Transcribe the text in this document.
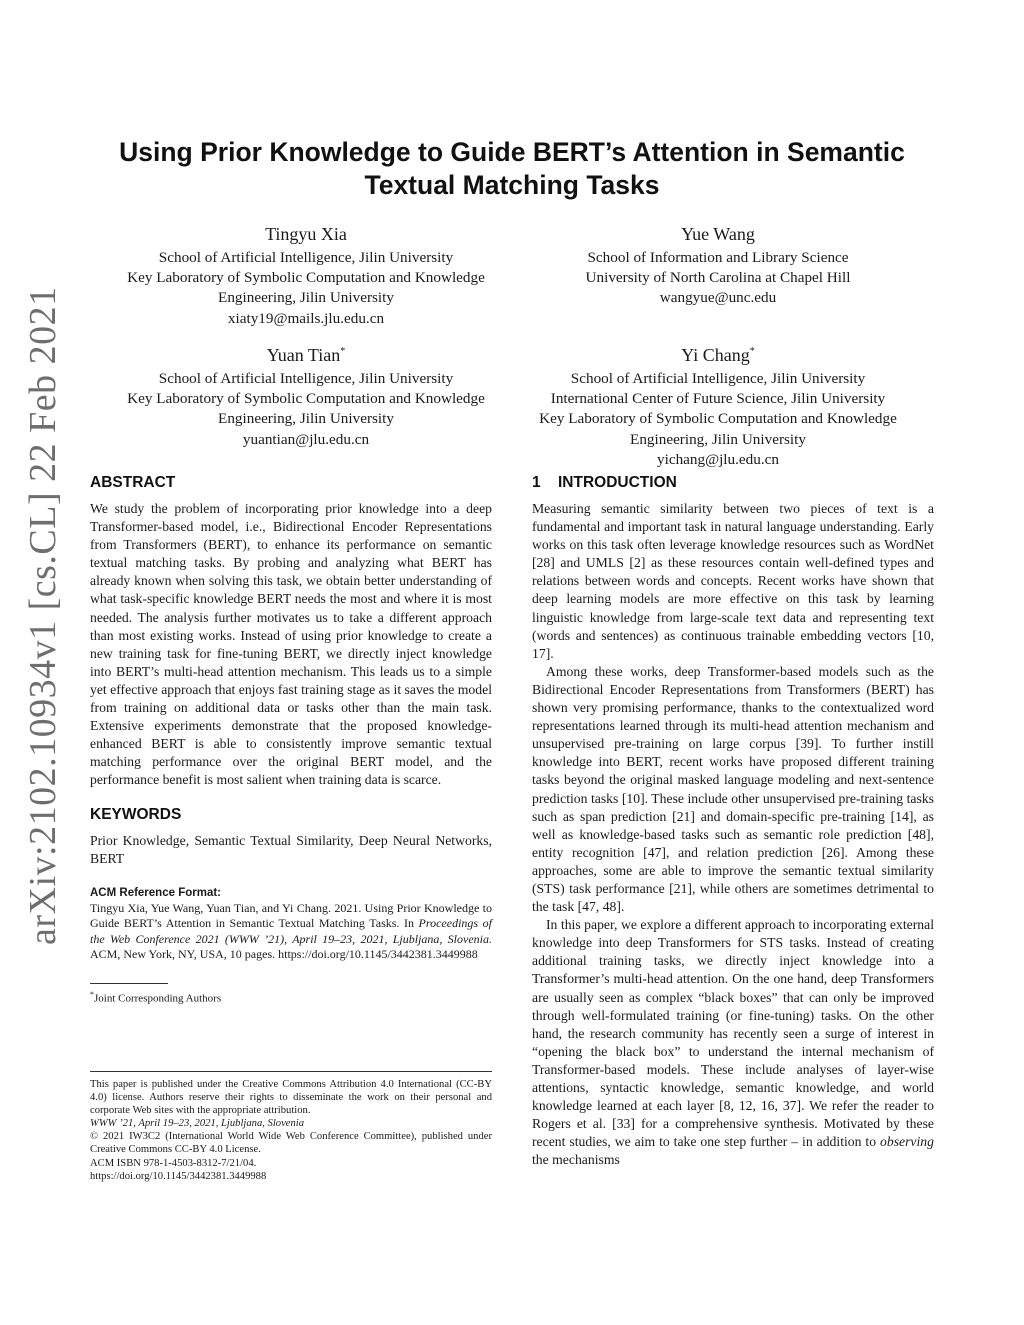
arXiv:2102.10934v1 [cs.CL] 22 Feb 2021
Using Prior Knowledge to Guide BERT’s Attention in Semantic
Textual Matching Tasks
Tingyu Xia
School of Artificial Intelligence, Jilin University
Key Laboratory of Symbolic Computation and Knowledge
Engineering, Jilin University
xiaty19@mails.jlu.edu.cn
Yue Wang
School of Information and Library Science
University of North Carolina at Chapel Hill
wangyue@unc.edu
Yuan Tian*
School of Artificial Intelligence, Jilin University
Key Laboratory of Symbolic Computation and Knowledge
Engineering, Jilin University
yuantian@jlu.edu.cn
Yi Chang*
School of Artificial Intelligence, Jilin University
International Center of Future Science, Jilin University
Key Laboratory of Symbolic Computation and Knowledge
Engineering, Jilin University
yichang@jlu.edu.cn
ABSTRACT

We study the problem of incorporating prior knowledge into a deep Transformer-based model, i.e., Bidirectional Encoder Representations from Transformers (BERT), to enhance its performance on semantic textual matching tasks. By probing and analyzing what BERT has already known when solving this task, we obtain better understanding of what task-specific knowledge BERT needs the most and where it is most needed. The analysis further motivates us to take a different approach than most existing works. Instead of using prior knowledge to create a new training task for fine-tuning BERT, we directly inject knowledge into BERT’s multi-head attention mechanism. This leads us to a simple yet effective approach that enjoys fast training stage as it saves the model from training on additional data or tasks other than the main task. Extensive experiments demonstrate that the proposed knowledge-enhanced BERT is able to consistently improve semantic textual matching performance over the original BERT model, and the performance benefit is most salient when training data is scarce.

KEYWORDS

Prior Knowledge, Semantic Textual Similarity, Deep Neural Networks, BERT

ACM Reference Format:
Tingyu Xia, Yue Wang, Yuan Tian, and Yi Chang. 2021. Using Prior Knowledge to Guide BERT’s Attention in Semantic Textual Matching Tasks. In Proceedings of the Web Conference 2021 (WWW ’21), April 19–23, 2021, Ljubljana, Slovenia. ACM, New York, NY, USA, 10 pages. https://doi.org/10.1145/3442381.3449988
*Joint Corresponding Authors
This paper is published under the Creative Commons Attribution 4.0 International (CC-BY 4.0) license. Authors reserve their rights to disseminate the work on their personal and corporate Web sites with the appropriate attribution.
WWW ’21, April 19–23, 2021, Ljubljana, Slovenia
© 2021 IW3C2 (International World Wide Web Conference Committee), published under Creative Commons CC-BY 4.0 License.
ACM ISBN 978-1-4503-8312-7/21/04.
https://doi.org/10.1145/3442381.3449988
1 INTRODUCTION

Measuring semantic similarity between two pieces of text is a fundamental and important task in natural language understanding. Early works on this task often leverage knowledge resources such as WordNet [28] and UMLS [2] as these resources contain well-defined types and relations between words and concepts. Recent works have shown that deep learning models are more effective on this task by learning linguistic knowledge from large-scale text data and representing text (words and sentences) as continuous trainable embedding vectors [10, 17].

Among these works, deep Transformer-based models such as the Bidirectional Encoder Representations from Transformers (BERT) has shown very promising performance, thanks to the contextualized word representations learned through its multi-head attention mechanism and unsupervised pre-training on large corpus [39]. To further instill knowledge into BERT, recent works have proposed different training tasks beyond the original masked language modeling and next-sentence prediction tasks [10]. These include other unsupervised pre-training tasks such as span prediction [21] and domain-specific pre-training [14], as well as knowledge-based tasks such as semantic role prediction [48], entity recognition [47], and relation prediction [26]. Among these approaches, some are able to improve the semantic textual similarity (STS) task performance [21], while others are sometimes detrimental to the task [47, 48].

In this paper, we explore a different approach to incorporating external knowledge into deep Transformers for STS tasks. Instead of creating additional training tasks, we directly inject knowledge into a Transformer’s multi-head attention. On the one hand, deep Transformers are usually seen as complex “black boxes” that can only be improved through well-formulated training (or fine-tuning) tasks. On the other hand, the research community has recently seen a surge of interest in “opening the black box” to understand the internal mechanism of Transformer-based models. These include analyses of layer-wise attentions, syntactic knowledge, semantic knowledge, and world knowledge learned at each layer [8, 12, 16, 37]. We refer the reader to Rogers et al. [33] for a comprehensive synthesis. Motivated by these recent studies, we aim to take one step further – in addition to observing the mechanisms
